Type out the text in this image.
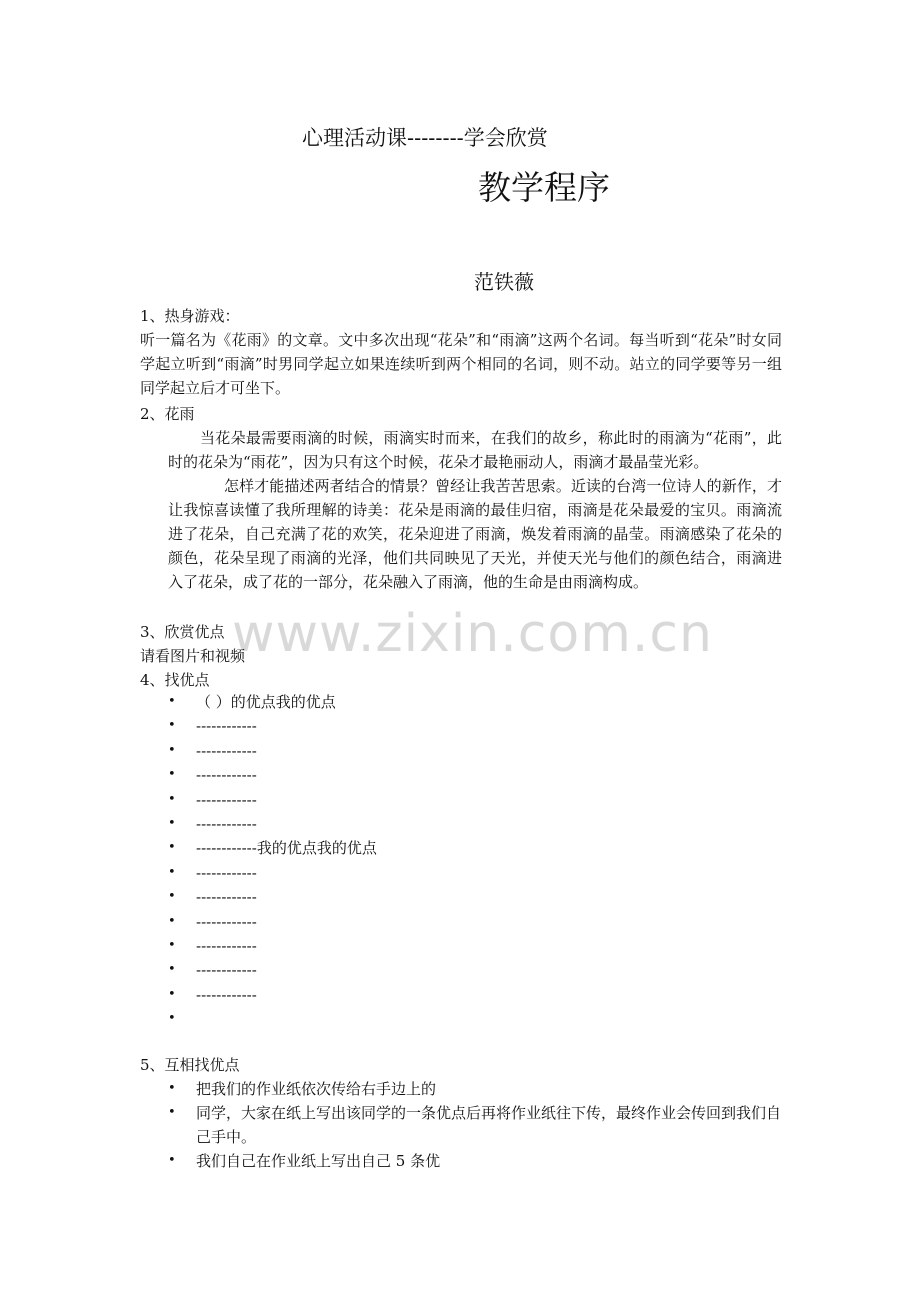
心理活动课--------学会欣赏
教学程序
范铁薇
1、热身游戏：
听一篇名为《花雨》的文章。文中多次出现“花朵”和“雨滴”这两个名词。每当听到“花朵”时女同学起立听到“雨滴”时男同学起立如果连续听到两个相同的名词，则不动。站立的同学要等另一组同学起立后才可坐下。
2、花雨
当花朵最需要雨滴的时候，雨滴实时而来，在我们的故乡，称此时的雨滴为“花雨”，此时的花朵为“雨花”，因为只有这个时候，花朵才最艳丽动人，雨滴才最晶莹光彩。
怎样才能描述两者结合的情景？曾经让我苦苦思索。近读的台湾一位诗人的新作，才让我惊喜读懂了我所理解的诗美：花朵是雨滴的最佳归宿，雨滴是花朵最爱的宝贝。雨滴流进了花朵，自己充满了花的欢笑，花朵迎进了雨滴，焕发着雨滴的晶莹。雨滴感染了花朵的颜色，花朵呈现了雨滴的光泽，他们共同映见了天光，并使天光与他们的颜色结合，雨滴进入了花朵，成了花的一部分，花朵融入了雨滴，他的生命是由雨滴构成。
www.zixin.com.cn
3、欣赏优点
请看图片和视频
4、找优点
• （ ）的优点我的优点
• ------------
• ------------
• ------------
• ------------
• ------------
• ------------我的优点我的优点
• ------------
• ------------
• ------------
• ------------
• ------------
• ------------
•
5、互相找优点
• 把我们的作业纸依次传给右手边上的
• 同学，大家在纸上写出该同学的一条优点后再将作业纸往下传，最终作业会传回到我们自己手中。
• 我们自己在作业纸上写出自己 5 条优
